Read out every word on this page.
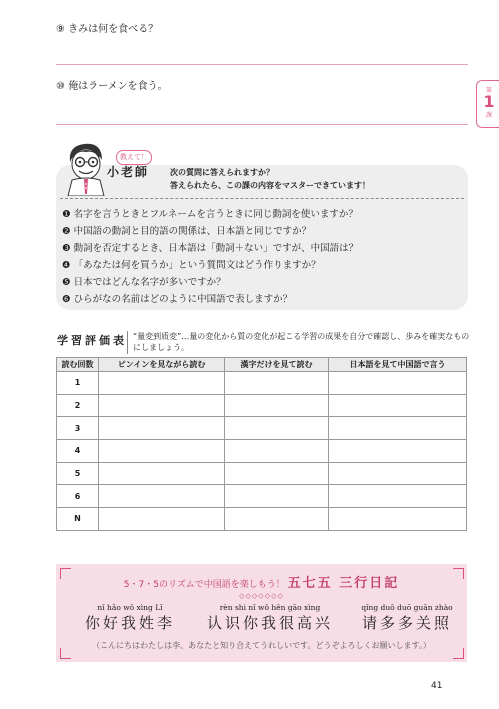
⑨ きみは何を食べる？
⑩ 俺はラーメンを食う。	第
1
課
教えて！
小老師	次の質問に答えられますか？
答えられたら、この課の内容をマスターできています！
❶ 名字を言うときとフルネームを言うときに同じ動詞を使いますか？
❷ 中国語の動詞と目的語の関係は、日本語と同じですか？
❸ 動詞を否定するとき、日本語は「動詞＋ない」ですが、中国語は？
❹ 「あなたは何を買うか」という質問文はどう作りますか？
❺ 日本ではどんな名字が多いですか？
❻ ひらがなの名前はどのように中国語で表しますか？
学習評価表 “量変到质変”…量の変化から質の変化が起こる学習の成果を自分で確認し、歩みを確実なものにしましょう。
読む回数	ピンインを見ながら読む	漢字だけを見て読む	日本語を見て中国語で言う
1			
2			
3			
4			
5			
6			
N			
5・7・5のリズムで中国語を楽しもう！ 五七五 三行日記
◇◇◇◇◇◇◇
nǐ hǎo wǒ xìng Lǐ
你好我姓李
rèn shi nǐ wǒ hěn gāo xìng
认识你我很高兴
qǐng duō duō guān zhào
请多多关照
（こんにちはわたしは李、あなたと知り合えてうれしいです。どうぞよろしくお願いします。）
41
